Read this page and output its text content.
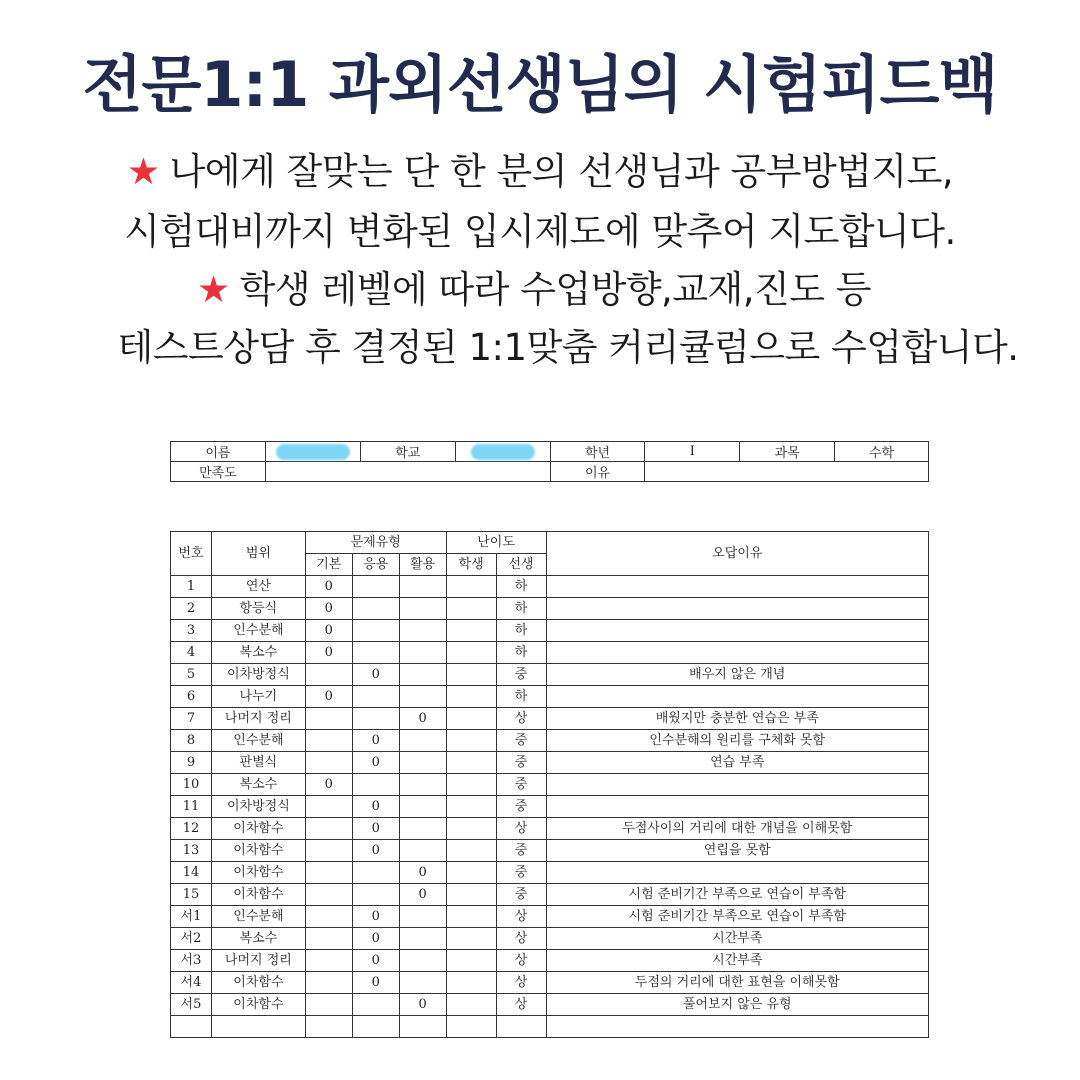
전문1:1 과외선생님의 시험피드백
★ 나에게 잘맞는 단 한 분의 선생님과 공부방법지도,
시험대비까지 변화된 입시제도에 맞추어 지도합니다.
★ 학생 레벨에 따라 수업방향,교재,진도 등
테스트상담 후 결정된 1:1맞춤 커리큘럼으로 수업합니다.
이름		학교		학년	I	과목	수학
만족도				이유			
번호	범위	문제유형			난이도		오답이유
		기본	응용	활용	학생	선생	
1	연산	0				하	
2	항등식	0				하	
3	인수분해	0				하	
4	복소수	0				하	
5	이차방정식		0			중	배우지 않은 개념
6	나누기	0				하	
7	나머지 정리			0		상	배웠지만 충분한 연습은 부족
8	인수분해		0			중	인수분해의 원리를 구체화 못함
9	판별식		0			중	연습 부족
10	복소수	0				중	
11	이차방정식		0			중	
12	이차함수		0			상	두점사이의 거리에 대한 개념을 이해못함
13	이차함수		0			중	연립을 못함
14	이차함수			0		중	
15	이차함수			0		중	시험 준비기간 부족으로 연습이 부족함
서1	인수분해		0			상	시험 준비기간 부족으로 연습이 부족함
서2	복소수		0			상	시간부족
서3	나머지 정리		0			상	시간부족
서4	이차함수		0			상	두점의 거리에 대한 표현을 이해못함
서5	이차함수			0		상	풀어보지 않은 유형
